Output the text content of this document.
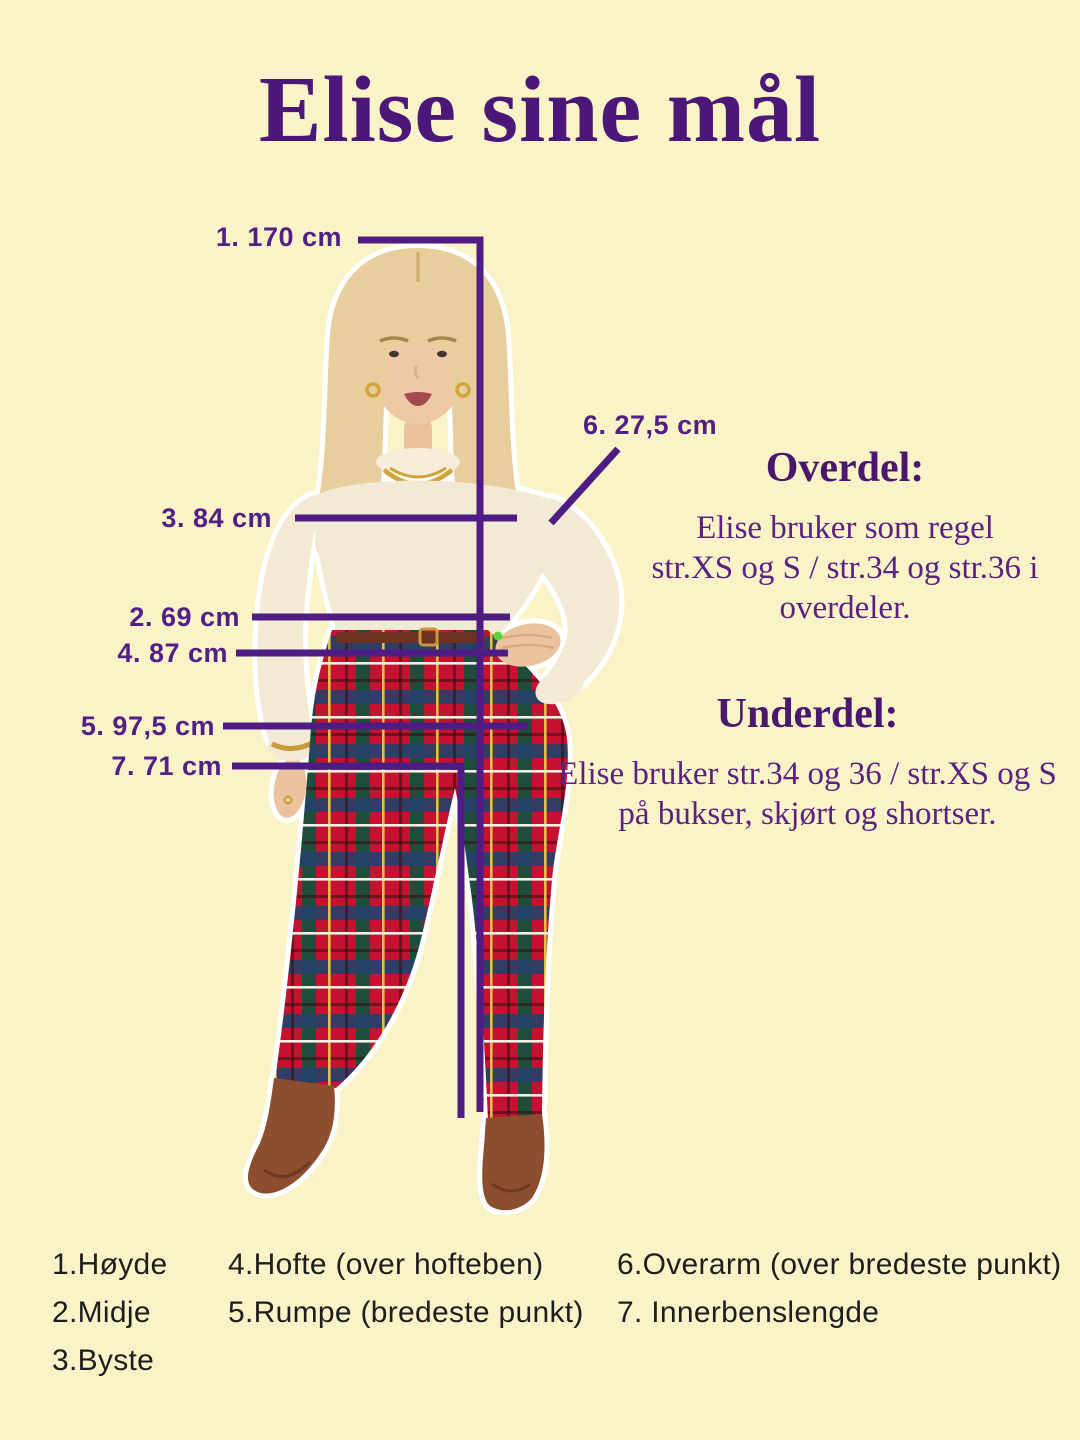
Elise sine mål
1. 170 cm
6. 27,5 cm
3. 84 cm
2. 69 cm
4. 87 cm
5. 97,5 cm
7. 71 cm
Overdel:
Elise bruker som regel
str.XS og S / str.34 og str.36 i
overdeler.
Underdel:
Elise bruker str.34 og 36 / str.XS og S
på bukser, skjørt og shortser.
1.Høyde
2.Midje
3.Byste
4.Hofte (over hofteben)
5.Rumpe (bredeste punkt)
6.Overarm (over bredeste punkt)
7. Innerbenslengde
